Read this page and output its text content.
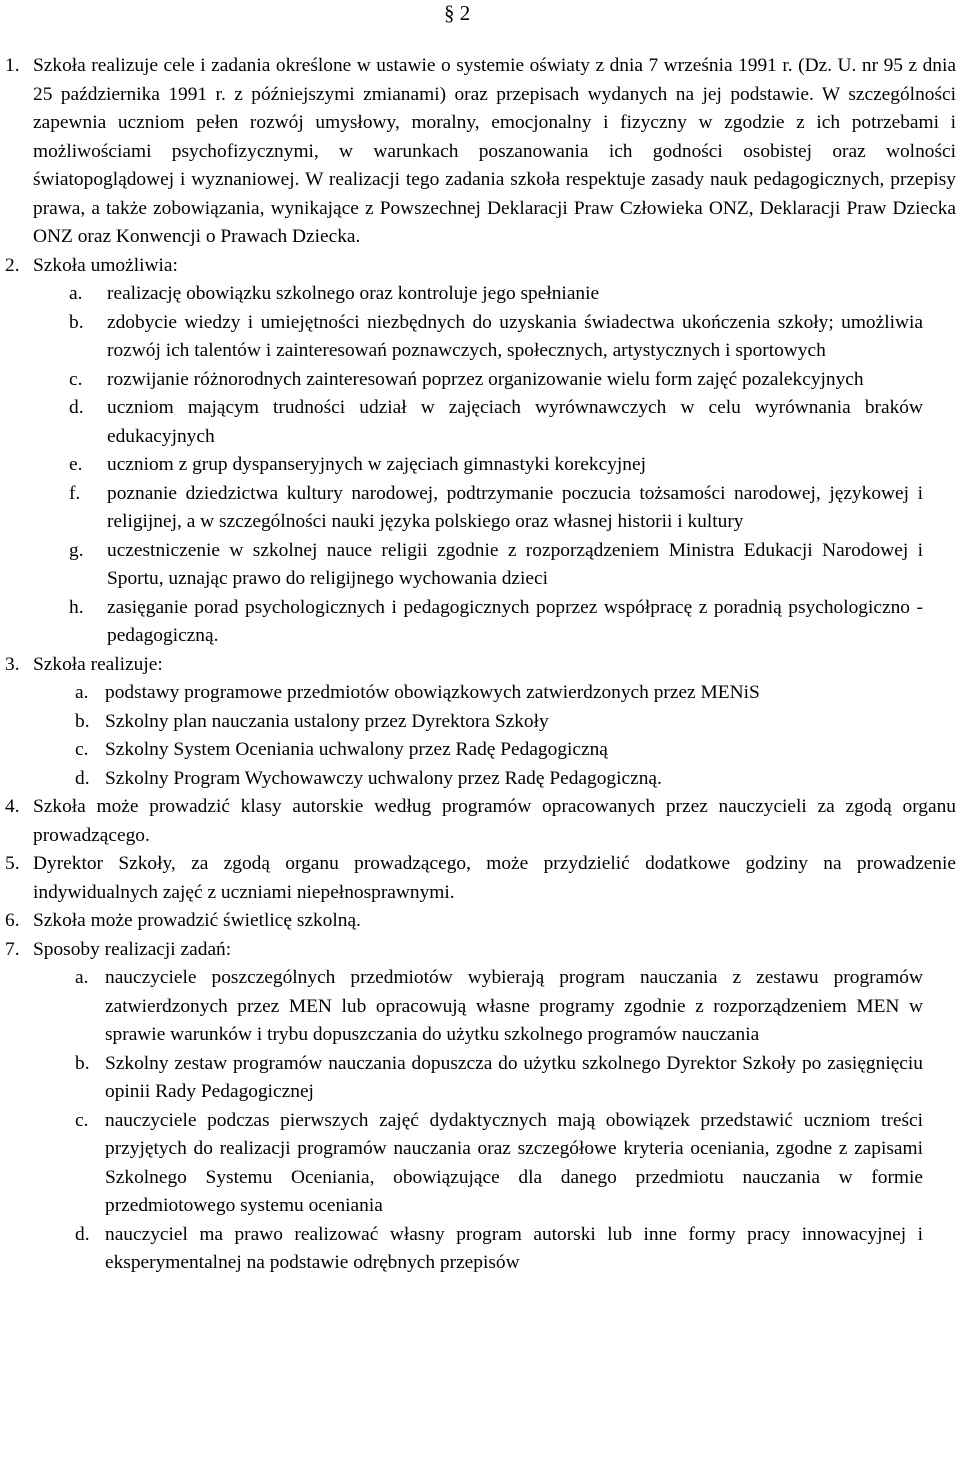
§ 2
1. Szkoła realizuje cele i zadania określone w ustawie o systemie oświaty z dnia 7 września 1991 r. (Dz. U. nr 95 z dnia 25 października 1991 r. z późniejszymi zmianami) oraz przepisach wydanych na jej podstawie. W szczególności zapewnia uczniom pełen rozwój umysłowy, moralny, emocjonalny i fizyczny w zgodzie z ich potrzebami i możliwościami psychofizycznymi, w warunkach poszanowania ich godności osobistej oraz wolności światopoglądowej i wyznaniowej. W realizacji tego zadania szkoła respektuje zasady nauk pedagogicznych, przepisy prawa, a także zobowiązania, wynikające z Powszechnej Deklaracji Praw Człowieka ONZ, Deklaracji Praw Dziecka ONZ oraz Konwencji o Prawach Dziecka.
2. Szkoła umożliwia:
a.	realizację obowiązku szkolnego oraz kontroluje jego spełnianie
b.	zdobycie wiedzy i umiejętności niezbędnych do uzyskania świadectwa ukończenia szkoły; umożliwia rozwój ich talentów i zainteresowań poznawczych, społecznych, artystycznych i sportowych
c.	rozwijanie różnorodnych zainteresowań poprzez organizowanie wielu form zajęć pozalekcyjnych
d.	uczniom mającym trudności udział w zajęciach wyrównawczych w celu wyrównania braków edukacyjnych
e.	uczniom z grup dyspanseryjnych w zajęciach gimnastyki korekcyjnej
f.	poznanie dziedzictwa kultury narodowej, podtrzymanie poczucia tożsamości narodowej, językowej i religijnej, a w szczególności nauki języka polskiego oraz własnej historii i kultury
g.	uczestniczenie w szkolnej nauce religii zgodnie z rozporządzeniem Ministra Edukacji Narodowej i Sportu, uznając prawo do religijnego wychowania dzieci
h.	zasięganie porad psychologicznych i pedagogicznych poprzez współpracę z poradnią psychologiczno - pedagogiczną.
3. Szkoła realizuje:
a. podstawy programowe przedmiotów obowiązkowych zatwierdzonych przez MENiS
b. Szkolny plan nauczania ustalony przez Dyrektora Szkoły
c. Szkolny System Oceniania uchwalony przez Radę Pedagogiczną
d. Szkolny Program Wychowawczy uchwalony przez Radę Pedagogiczną.
4. Szkoła może prowadzić klasy autorskie według programów opracowanych przez nauczycieli za zgodą organu prowadzącego.
5. Dyrektor Szkoły, za zgodą organu prowadzącego, może przydzielić dodatkowe godziny na prowadzenie indywidualnych zajęć z uczniami niepełnosprawnymi.
6. Szkoła może prowadzić świetlicę szkolną.
7. Sposoby realizacji zadań:
a. nauczyciele poszczególnych przedmiotów wybierają program nauczania z zestawu programów zatwierdzonych przez MEN lub opracowują własne programy zgodnie z rozporządzeniem MEN w sprawie warunków i trybu dopuszczania do użytku szkolnego programów nauczania
b. Szkolny zestaw programów nauczania dopuszcza do użytku szkolnego Dyrektor Szkoły po zasięgnięciu opinii Rady Pedagogicznej
c. nauczyciele podczas pierwszych zajęć dydaktycznych mają obowiązek przedstawić uczniom treści przyjętych do realizacji programów nauczania oraz szczegółowe kryteria oceniania, zgodne z zapisami Szkolnego Systemu Oceniania, obowiązujące dla danego przedmiotu nauczania w formie przedmiotowego systemu oceniania
d. nauczyciel ma prawo realizować własny program autorski lub inne formy pracy innowacyjnej i eksperymentalnej na podstawie odrębnych przepisów
